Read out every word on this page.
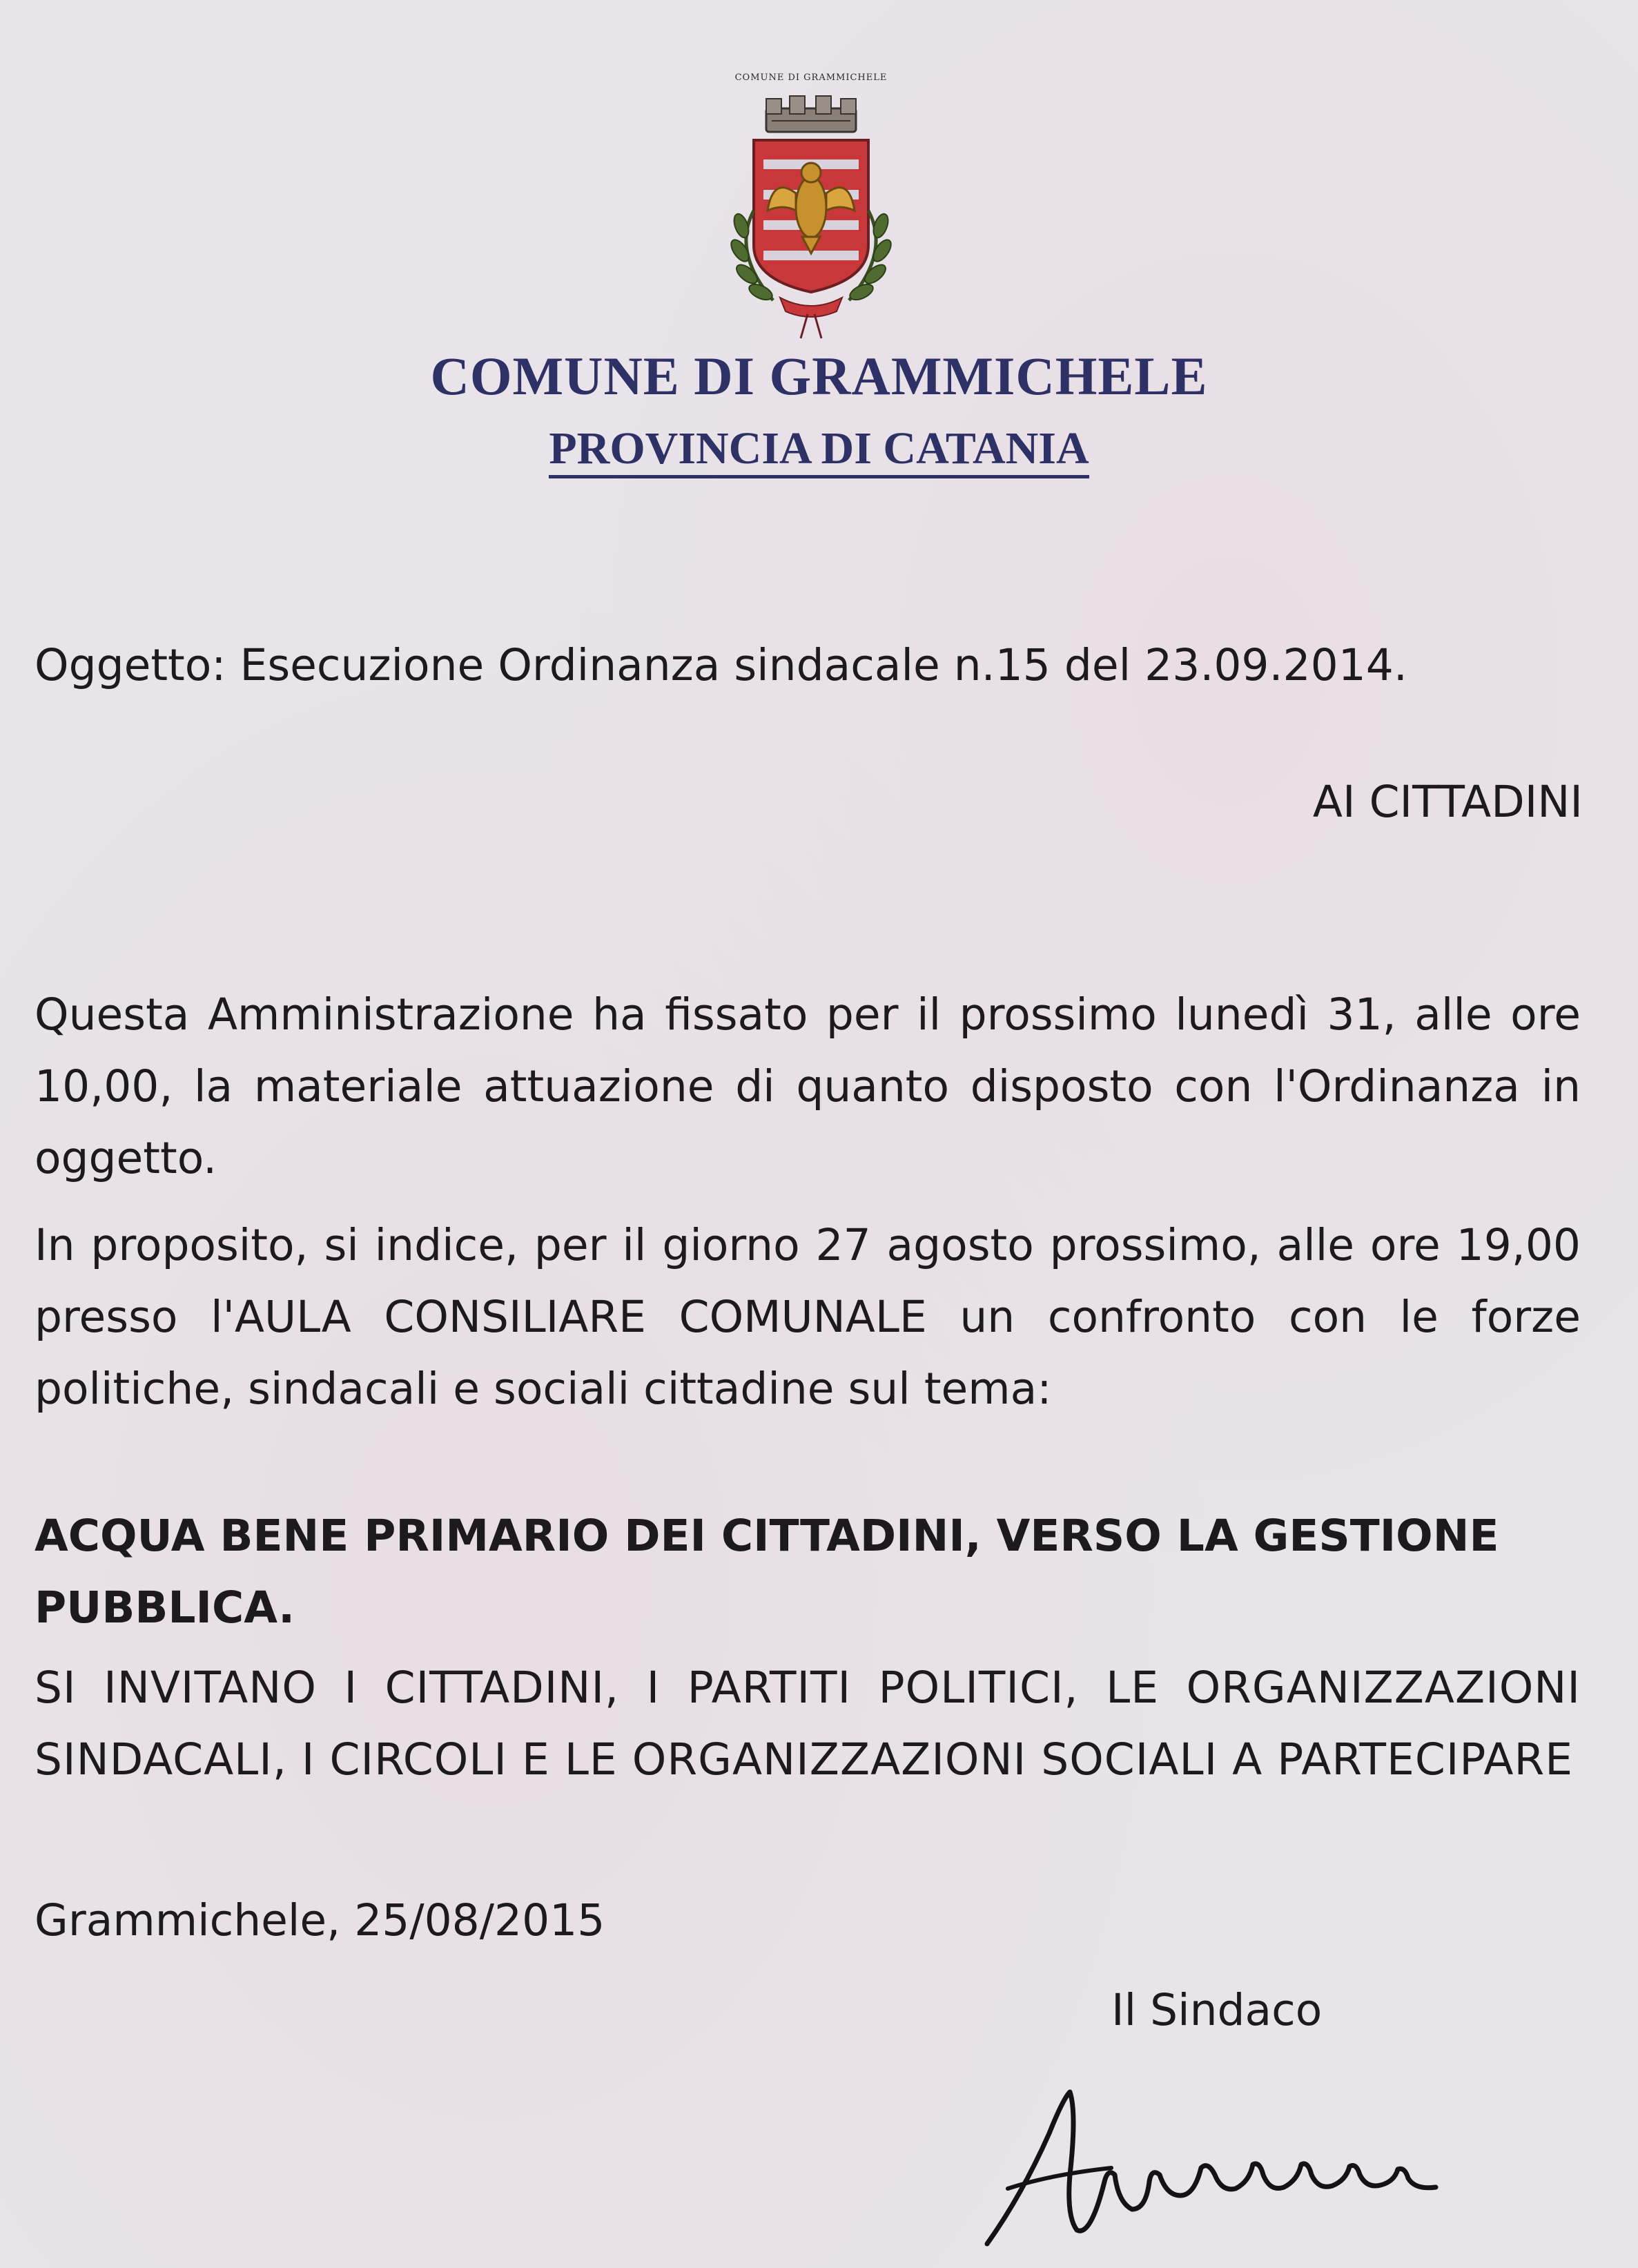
COMUNE DI GRAMMICHELE
COMUNE DI GRAMMICHELE
PROVINCIA DI CATANIA
Oggetto: Esecuzione Ordinanza sindacale n.15 del 23.09.2014.
AI CITTADINI
Questa Amministrazione ha fissato per il prossimo lunedì 31, alle ore 10,00, la materiale attuazione di quanto disposto con l'Ordinanza in oggetto.
In proposito, si indice, per il giorno 27 agosto prossimo, alle ore 19,00 presso l'AULA CONSILIARE COMUNALE un confronto con le forze politiche, sindacali e sociali cittadine sul tema:
ACQUA BENE PRIMARIO DEI CITTADINI, VERSO LA GESTIONE PUBBLICA.
SI INVITANO I CITTADINI, I PARTITI POLITICI, LE ORGANIZZAZIONI SINDACALI, I CIRCOLI E LE ORGANIZZAZIONI SOCIALI A PARTECIPARE
Grammichele, 25/08/2015
Il Sindaco
